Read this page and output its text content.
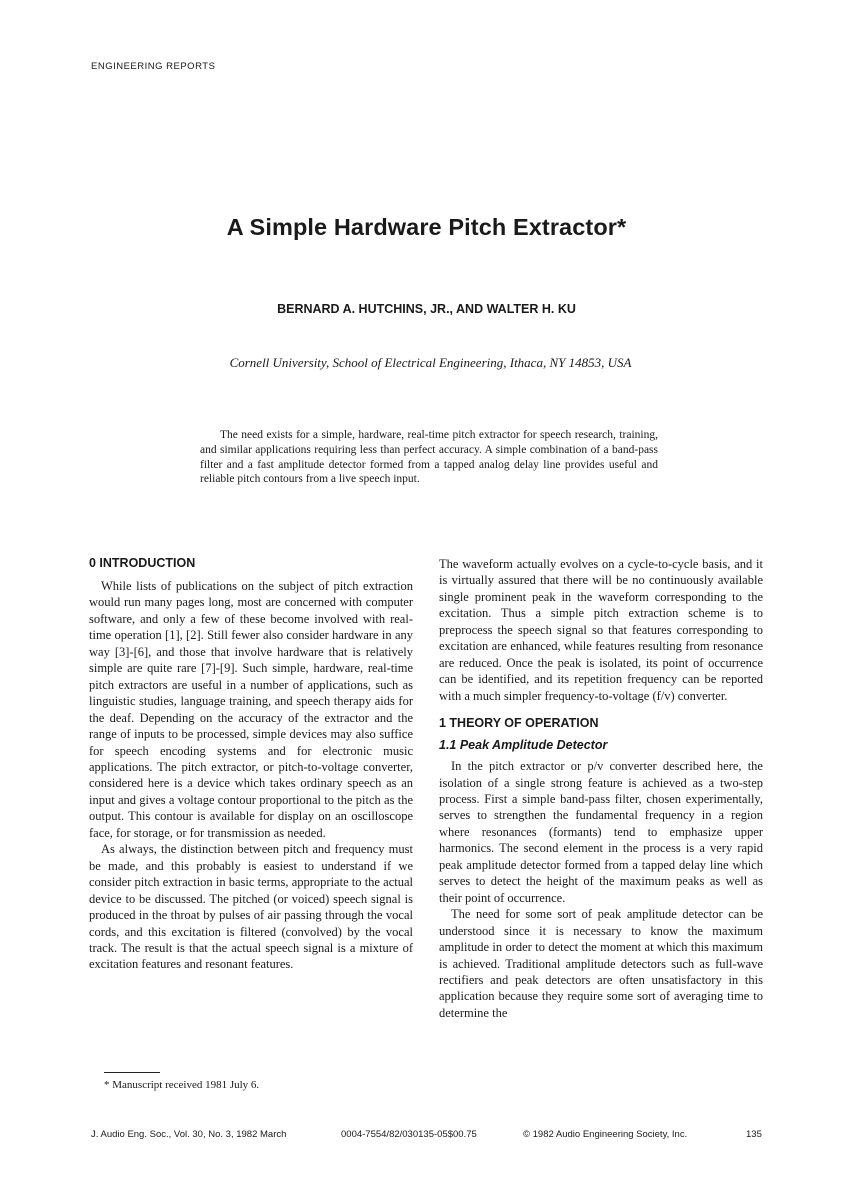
ENGINEERING REPORTS
A Simple Hardware Pitch Extractor*
BERNARD A. HUTCHINS, JR., AND WALTER H. KU
Cornell University, School of Electrical Engineering, Ithaca, NY 14853, USA

The need exists for a simple, hardware, real-time pitch extractor for speech research, training, and similar applications requiring less than perfect accuracy. A simple combination of a band-pass filter and a fast amplitude detector formed from a tapped analog delay line provides useful and reliable pitch contours from a live speech input.

0 INTRODUCTION

While lists of publications on the subject of pitch extraction would run many pages long, most are concerned with computer software, and only a few of these become involved with real-time operation [1], [2]. Still fewer also consider hardware in any way [3]-[6], and those that involve hardware that is relatively simple are quite rare [7]-[9]. Such simple, hardware, real-time pitch extractors are useful in a number of applications, such as linguistic studies, language training, and speech therapy aids for the deaf. Depending on the accuracy of the extractor and the range of inputs to be processed, simple devices may also suffice for speech encoding systems and for electronic music applications. The pitch extractor, or pitch-to-voltage converter, considered here is a device which takes ordinary speech as an input and gives a voltage contour proportional to the pitch as the output. This contour is available for display on an oscilloscope face, for storage, or for transmission as needed.

As always, the distinction between pitch and frequency must be made, and this probably is easiest to understand if we consider pitch extraction in basic terms, appropriate to the actual device to be discussed. The pitched (or voiced) speech signal is produced in the throat by pulses of air passing through the vocal cords, and this excitation is filtered (convolved) by the vocal track. The result is that the actual speech signal is a mixture of excitation features and resonant features.

The waveform actually evolves on a cycle-to-cycle basis, and it is virtually assured that there will be no continuously available single prominent peak in the waveform corresponding to the excitation. Thus a simple pitch extraction scheme is to preprocess the speech signal so that features corresponding to excitation are enhanced, while features resulting from resonance are reduced. Once the peak is isolated, its point of occurrence can be identified, and its repetition frequency can be reported with a much simpler frequency-to-voltage (f/v) converter.

1 THEORY OF OPERATION
1.1 Peak Amplitude Detector

In the pitch extractor or p/v converter described here, the isolation of a single strong feature is achieved as a two-step process. First a simple band-pass filter, chosen experimentally, serves to strengthen the fundamental frequency in a region where resonances (formants) tend to emphasize upper harmonics. The second element in the process is a very rapid peak amplitude detector formed from a tapped delay line which serves to detect the height of the maximum peaks as well as their point of occurrence.

The need for some sort of peak amplitude detector can be understood since it is necessary to know the maximum amplitude in order to detect the moment at which this maximum is achieved. Traditional amplitude detectors such as full-wave rectifiers and peak detectors are often unsatisfactory in this application because they require some sort of averaging time to determine the

* Manuscript received 1981 July 6.
J. Audio Eng. Soc., Vol. 30, No. 3, 1982 March	0004-7554/82/030135-05$00.75	© 1982 Audio Engineering Society, Inc.	135
